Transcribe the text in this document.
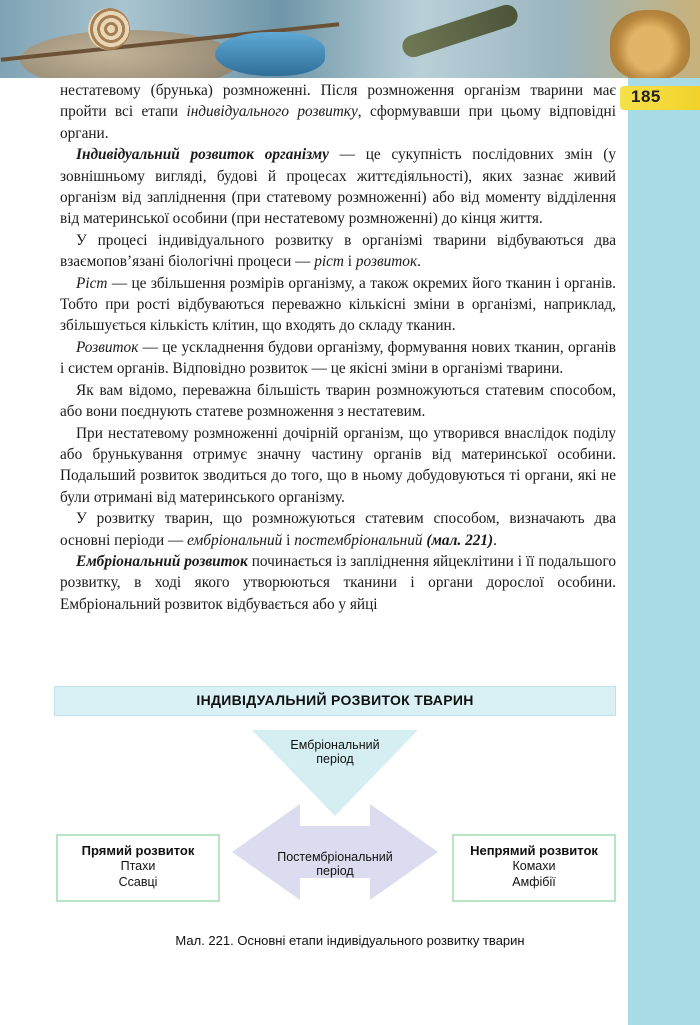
185

нестатевому (брунька) розмноженні. Після розмноження організм тварини має пройти всі етапи індивідуального розвитку, сформувавши при цьому відповідні органи.

Індивідуальний розвиток організму — це сукупність послідовних змін (у зовнішньому вигляді, будові й процесах життєдіяльності), яких зазнає живий організм від запліднення (при статевому розмноженні) або від моменту відділення від материнської особини (при нестатевому розмноженні) до кінця життя.

У процесі індивідуального розвитку в організмі тварини відбуваються два взаємопов’язані біологічні процеси — ріст і розвиток.

Ріст — це збільшення розмірів організму, а також окремих його тканин і органів. Тобто при рості відбуваються переважно кількісні зміни в організмі, наприклад, збільшується кількість клітин, що входять до складу тканин.

Розвиток — це ускладнення будови організму, формування нових тканин, органів і систем органів. Відповідно розвиток — це якісні зміни в організмі тварини.

Як вам відомо, переважна більшість тварин розмножуються статевим способом, або вони поєднують статеве розмноження з нестатевим.

При нестатевому розмноженні дочірній організм, що утворився внаслідок поділу або брунькування отримує значну частину органів від материнської особини. Подальший розвиток зводиться до того, що в ньому добудовуються ті органи, які не були отримані від материнського організму.

У розвитку тварин, що розмножуються статевим способом, визначають два основні періоди — ембріональний і постембріональний (мал. 221).

Ембріональний розвиток починається із запліднення яйцеклітини і її подальшого розвитку, в ході якого утворюються тканини і органи дорослої особини. Ембріональний розвиток відбувається або у яйці

ІНДИВІДУАЛЬНИЙ РОЗВИТОК ТВАРИН
Ембріональний
період
Постембріональний
період
Прямий розвиток
Птахи
Ссавці
Непрямий розвиток
Комахи
Амфібії
Мал. 221. Основні етапи індивідуального розвитку тварин
